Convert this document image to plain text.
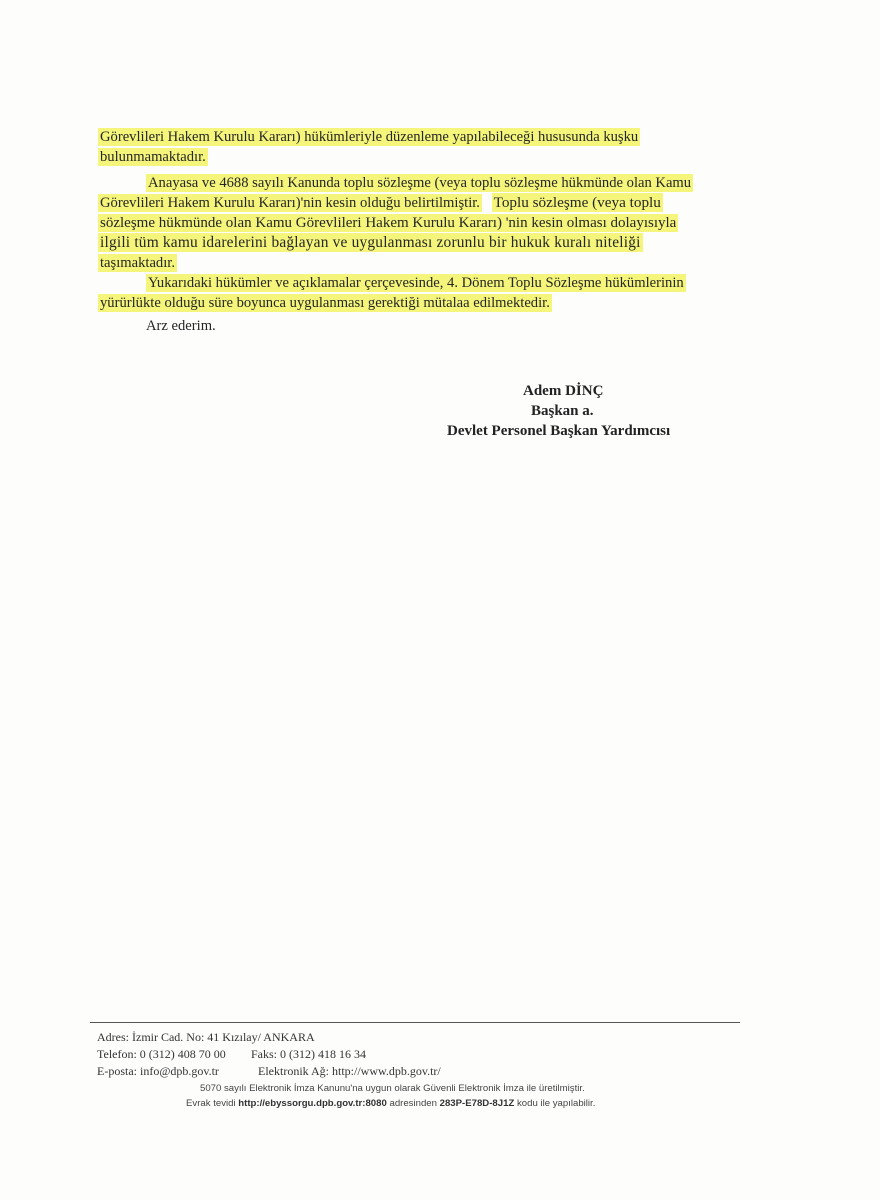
Görevlileri Hakem Kurulu Kararı) hükümleriyle düzenleme yapılabileceği hususunda kuşku
bulunmamaktadır.
Anayasa ve 4688 sayılı Kanunda toplu sözleşme (veya toplu sözleşme hükmünde olan Kamu
Görevlileri Hakem Kurulu Kararı)'nin kesin olduğu belirtilmiştir. Toplu sözleşme (veya toplu
sözleşme hükmünde olan Kamu Görevlileri Hakem Kurulu Kararı) 'nin kesin olması dolayısıyla
ilgili tüm kamu idarelerini bağlayan ve uygulanması zorunlu bir hukuk kuralı niteliği
taşımaktadır.
Yukarıdaki hükümler ve açıklamalar çerçevesinde, 4. Dönem Toplu Sözleşme hükümlerinin
yürürlükte olduğu süre boyunca uygulanması gerektiği mütalaa edilmektedir.
Arz ederim.
Adem DİNÇ
Başkan a.
Devlet Personel Başkan Yardımcısı
Adres: İzmir Cad. No: 41 Kızılay/ ANKARA
Telefon: 0 (312) 408 70 00 Faks: 0 (312) 418 16 34
E-posta: info@dpb.gov.tr	Elektronik Ağ: http://www.dpb.gov.tr/
5070 sayılı Elektronik İmza Kanunu'na uygun olarak Güvenli Elektronik İmza ile üretilmiştir.
Evrak tevidi http://ebyssorgu.dpb.gov.tr:8080 adresinden 283P-E78D-8J1Z kodu ile yapılabilir.
